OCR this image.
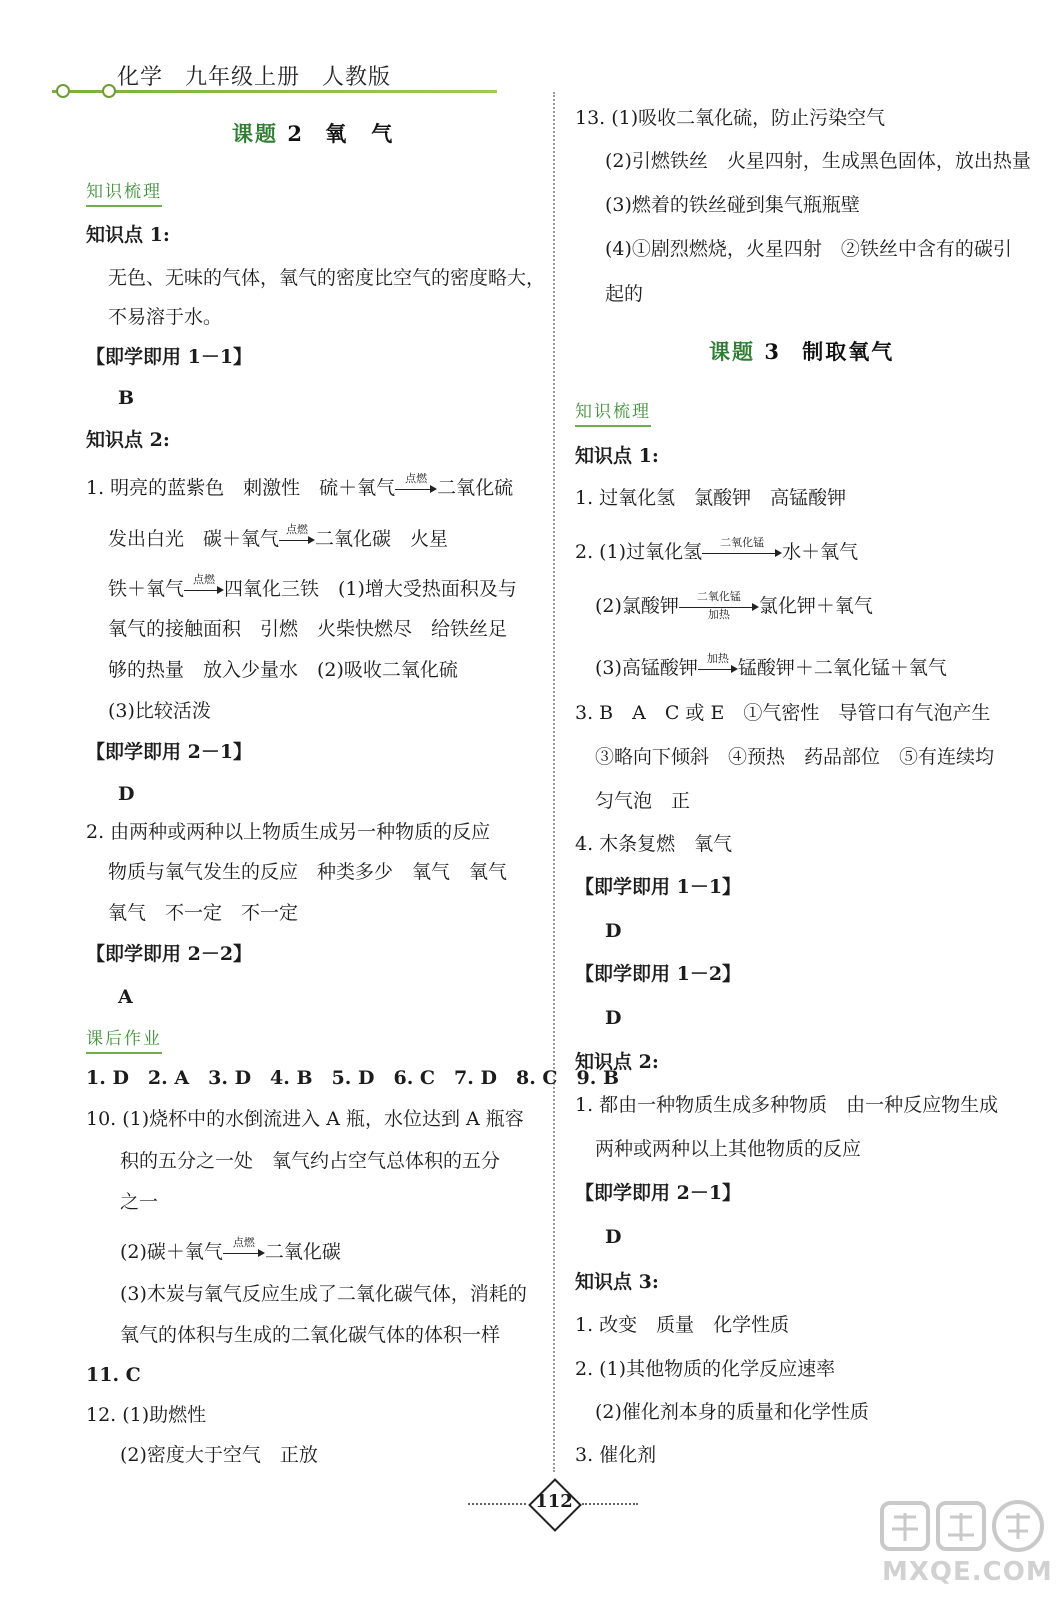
化学 九年级上册 人教版
课题 2 氧　气
知识梳理
知识点 1:
无色、无味的气体，氧气的密度比空气的密度略大，
不易溶于水。
【即学即用 1－1】
B
知识点 2:
1. 明亮的蓝紫色　刺激性　硫＋氧气 点燃 二氧化硫
发出白光　碳＋氧气 点燃 二氧化碳　火星
铁＋氧气 点燃 四氧化三铁　(1)增大受热面积及与
氧气的接触面积　引燃　火柴快燃尽　给铁丝足
够的热量　放入少量水　(2)吸收二氧化硫
(3)比较活泼
【即学即用 2－1】
D
2. 由两种或两种以上物质生成另一种物质的反应
物质与氧气发生的反应　种类多少　氧气　氧气
氧气　不一定　不一定
【即学即用 2－2】
A
课后作业
1. D　2. A　3. D　4. B　5. D　6. C　7. D　8. C　9. B
10. (1)烧杯中的水倒流进入 A 瓶，水位达到 A 瓶容
积的五分之一处　氧气约占空气总体积的五分
之一
(2)碳＋氧气 点燃 二氧化碳
(3)木炭与氧气反应生成了二氧化碳气体，消耗的
氧气的体积与生成的二氧化碳气体的体积一样
11. C
12. (1)助燃性
(2)密度大于空气　正放
13. (1)吸收二氧化硫，防止污染空气
(2)引燃铁丝　火星四射，生成黑色固体，放出热量
(3)燃着的铁丝碰到集气瓶瓶壁
(4)①剧烈燃烧，火星四射　②铁丝中含有的碳引
起的
课题 3 制取氧气
知识梳理
知识点 1:
1. 过氧化氢　氯酸钾　高锰酸钾
2. (1)过氧化氢	二氧化锰 水＋氧气
(2)氯酸钾	二氧化锰
加热	氯化钾＋氧气
(3)高锰酸钾 加热 锰酸钾＋二氧化锰＋氧气
3. B　A　C 或 E　①气密性　导管口有气泡产生
③略向下倾斜　④预热　药品部位　⑤有连续均
匀气泡　正
4. 木条复燃　氧气
【即学即用 1－1】
D
【即学即用 1－2】
D
知识点 2:
1. 都由一种物质生成多种物质　由一种反应物生成
两种或两种以上其他物质的反应
【即学即用 2－1】
D
知识点 3:
1. 改变　质量　化学性质
2. (1)其他物质的化学反应速率
(2)催化剂本身的质量和化学性质
3. 催化剂
112
MXQE.COM
